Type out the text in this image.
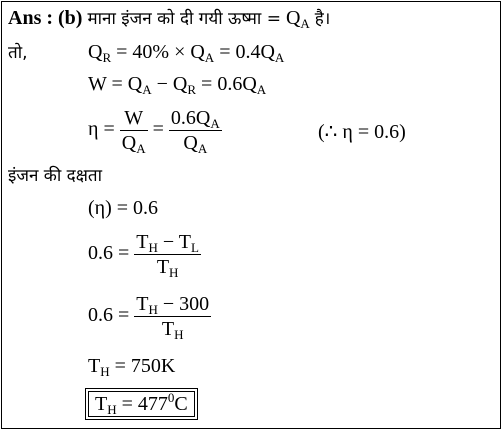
Ans : (b) माना इंजन को दी गयी ऊष्मा = $Q_A$ है।
तो,	$Q_R = 40\% \times Q_A = 0.4Q_A$
$W = Q_A - Q_R = 0.6Q_A$
$\eta = \frac{W}{Q_A} = \frac{0.6Q_A}{Q_A}$	(∴ η = 0.6)
इंजन की दक्षता
(η) = 0.6
$0.6 = \frac{T_H - T_L}{T_H}$
$0.6 = \frac{T_H - 300}{T_H}$
$T_H = 750K$
$T_H = 477^0C$
